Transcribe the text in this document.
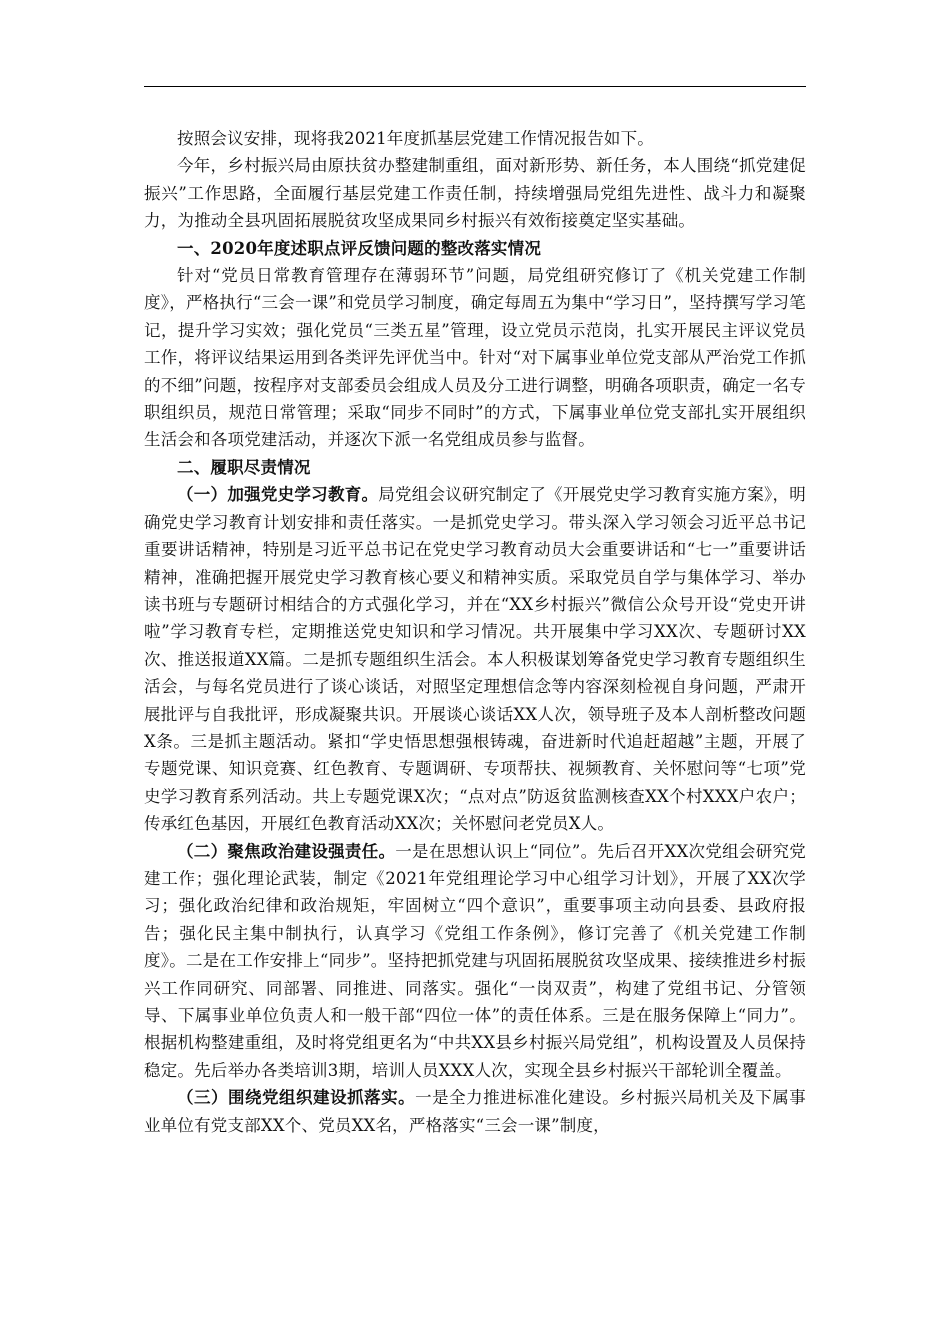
按照会议安排，现将我2021年度抓基层党建工作情况报告如下。

今年，乡村振兴局由原扶贫办整建制重组，面对新形势、新任务，本人围绕“抓党建促振兴”工作思路，全面履行基层党建工作责任制，持续增强局党组先进性、战斗力和凝聚力，为推动全县巩固拓展脱贫攻坚成果同乡村振兴有效衔接奠定坚实基础。

一、2020年度述职点评反馈问题的整改落实情况

针对“党员日常教育管理存在薄弱环节”问题，局党组研究修订了《机关党建工作制度》，严格执行“三会一课”和党员学习制度，确定每周五为集中“学习日”，坚持撰写学习笔记，提升学习实效；强化党员“三类五星”管理，设立党员示范岗，扎实开展民主评议党员工作，将评议结果运用到各类评先评优当中。针对“对下属事业单位党支部从严治党工作抓的不细”问题，按程序对支部委员会组成人员及分工进行调整，明确各项职责，确定一名专职组织员，规范日常管理；采取“同步不同时”的方式，下属事业单位党支部扎实开展组织生活会和各项党建活动，并逐次下派一名党组成员参与监督。

二、履职尽责情况

（一）加强党史学习教育。局党组会议研究制定了《开展党史学习教育实施方案》，明确党史学习教育计划安排和责任落实。一是抓党史学习。带头深入学习领会习近平总书记重要讲话精神，特别是习近平总书记在党史学习教育动员大会重要讲话和“七一”重要讲话精神，准确把握开展党史学习教育核心要义和精神实质。采取党员自学与集体学习、举办读书班与专题研讨相结合的方式强化学习，并在“XX乡村振兴”微信公众号开设“党史开讲啦”学习教育专栏，定期推送党史知识和学习情况。共开展集中学习XX次、专题研讨XX次、推送报道XX篇。二是抓专题组织生活会。本人积极谋划筹备党史学习教育专题组织生活会，与每名党员进行了谈心谈话，对照坚定理想信念等内容深刻检视自身问题，严肃开展批评与自我批评，形成凝聚共识。开展谈心谈话XX人次，领导班子及本人剖析整改问题X条。三是抓主题活动。紧扣“学史悟思想强根铸魂，奋进新时代追赶超越”主题，开展了专题党课、知识竞赛、红色教育、专题调研、专项帮扶、视频教育、关怀慰问等“七项”党史学习教育系列活动。共上专题党课X次；“点对点”防返贫监测核查XX个村XXX户农户；传承红色基因，开展红色教育活动XX次；关怀慰问老党员X人。

（二）聚焦政治建设强责任。一是在思想认识上“同位”。先后召开XX次党组会研究党建工作；强化理论武装，制定《2021年党组理论学习中心组学习计划》，开展了XX次学习；强化政治纪律和政治规矩，牢固树立“四个意识”，重要事项主动向县委、县政府报告；强化民主集中制执行，认真学习《党组工作条例》，修订完善了《机关党建工作制度》。二是在工作安排上“同步”。坚持把抓党建与巩固拓展脱贫攻坚成果、接续推进乡村振兴工作同研究、同部署、同推进、同落实。强化“一岗双责”，构建了党组书记、分管领导、下属事业单位负责人和一般干部“四位一体”的责任体系。三是在服务保障上“同力”。根据机构整建重组，及时将党组更名为“中共XX县乡村振兴局党组”，机构设置及人员保持稳定。先后举办各类培训3期，培训人员XXX人次，实现全县乡村振兴干部轮训全覆盖。

（三）围绕党组织建设抓落实。一是全力推进标准化建设。乡村振兴局机关及下属事业单位有党支部XX个、党员XX名，严格落实“三会一课”制度，
